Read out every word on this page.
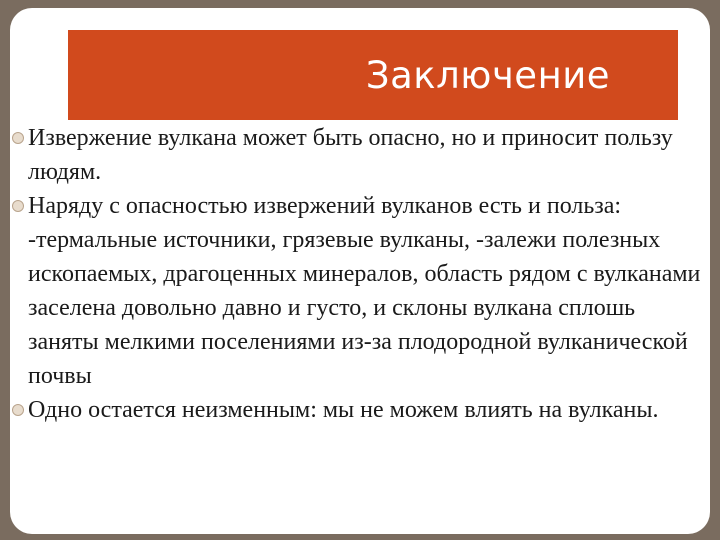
Заключение
Извержение вулкана может быть опасно, но и приносит пользу людям.
Наряду с опасностью извержений вулканов есть и польза: -термальные источники, грязевые вулканы, -залежи полезных ископаемых, драгоценных минералов, область рядом с вулканами заселена довольно давно и густо, и склоны вулкана сплошь заняты мелкими поселениями из-за плодородной вулканической почвы
Одно остается неизменным: мы не можем влиять на вулканы.
